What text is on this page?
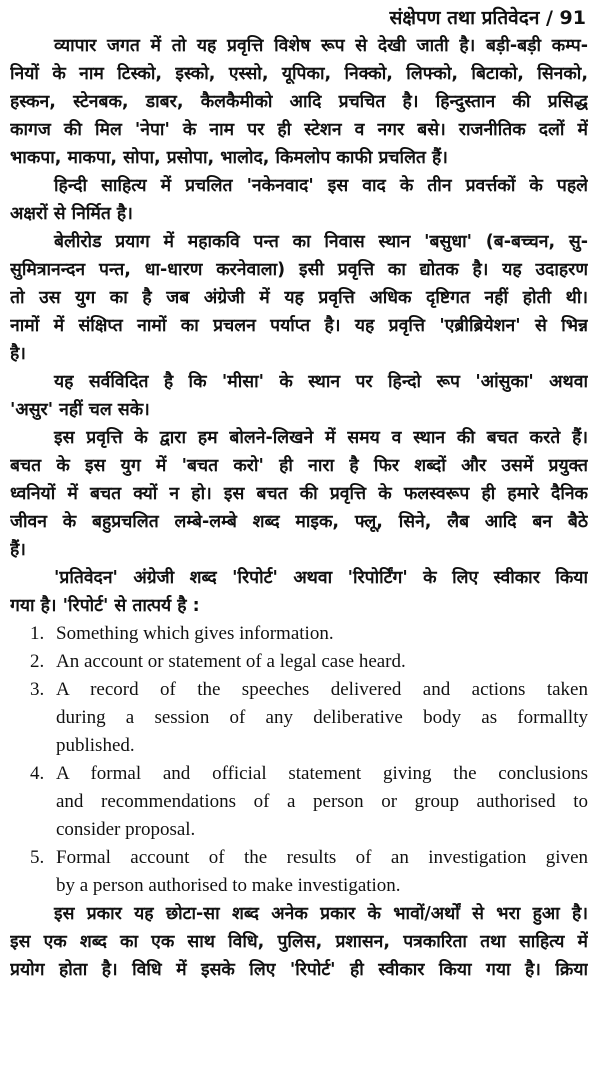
संक्षेपण तथा प्रतिवेदन / 91
व्यापार जगत में तो यह प्रवृत्ति विशेष रूप से देखी जाती है। बड़ी-बड़ी कम्प-
नियों के नाम टिस्को, इस्को, एस्सो, यूपिका, निक्को, लिफ्को, बिटाको, सिनको,
हस्कन, स्टेनबक, डाबर, कैलकैमीको आदि प्रचचित है। हिन्दुस्तान की प्रसिद्ध
कागज की मिल 'नेपा' के नाम पर ही स्टेशन व नगर बसे। राजनीतिक दलों में
भाकपा, माकपा, सोपा, प्रसोपा, भालोद, किमलोप काफी प्रचलित हैं।
हिन्दी साहित्य में प्रचलित 'नकेनवाद' इस वाद के तीन प्रवर्त्तकों के पहले
अक्षरों से निर्मित है।
बेलीरोड प्रयाग में महाकवि पन्त का निवास स्थान 'बसुधा' (ब-बच्चन, सु-
सुमित्रानन्दन पन्त, धा-धारण करनेवाला) इसी प्रवृत्ति का द्योतक है। यह उदाहरण
तो उस युग का है जब अंग्रेजी में यह प्रवृत्ति अधिक दृष्टिगत नहीं होती थी।
नामों में संक्षिप्त नामों का प्रचलन पर्याप्त है। यह प्रवृत्ति 'एब्रीब्रियेशन' से भिन्न
है।
यह सर्वविदित है कि 'मीसा' के स्थान पर हिन्दो रूप 'आंसुका' अथवा
'असुर' नहीं चल सके।
इस प्रवृत्ति के द्वारा हम बोलने-लिखने में समय व स्थान की बचत करते हैं।
बचत के इस युग में 'बचत करो' ही नारा है फिर शब्दों और उसमें प्रयुक्त
ध्वनियों में बचत क्यों न हो। इस बचत की प्रवृत्ति के फलस्वरूप ही हमारे दैनिक
जीवन के बहुप्रचलित लम्बे-लम्बे शब्द माइक, फ्लू, सिने, लैब आदि बन बैठे
हैं।
'प्रतिवेदन' अंग्रेजी शब्द 'रिपोर्ट' अथवा 'रिपोर्टिंग' के लिए स्वीकार किया
गया है। 'रिपोर्ट' से तात्पर्य है :
1. Something which gives information.
2. An account or statement of a legal case heard.
3. A record of the speeches delivered and actions taken
during a session of any deliberative body as formallty
published.
4. A formal and official statement giving the conclusions
and recommendations of a person or group authorised to
consider proposal.
5. Formal account of the results of an investigation given
by a person authorised to make investigation.
इस प्रकार यह छोटा-सा शब्द अनेक प्रकार के भावों/अर्थों से भरा हुआ है।
इस एक शब्द का एक साथ विधि, पुलिस, प्रशासन, पत्रकारिता तथा साहित्य में
प्रयोग होता है। विधि में इसके लिए 'रिपोर्ट' ही स्वीकार किया गया है। क्रिया
